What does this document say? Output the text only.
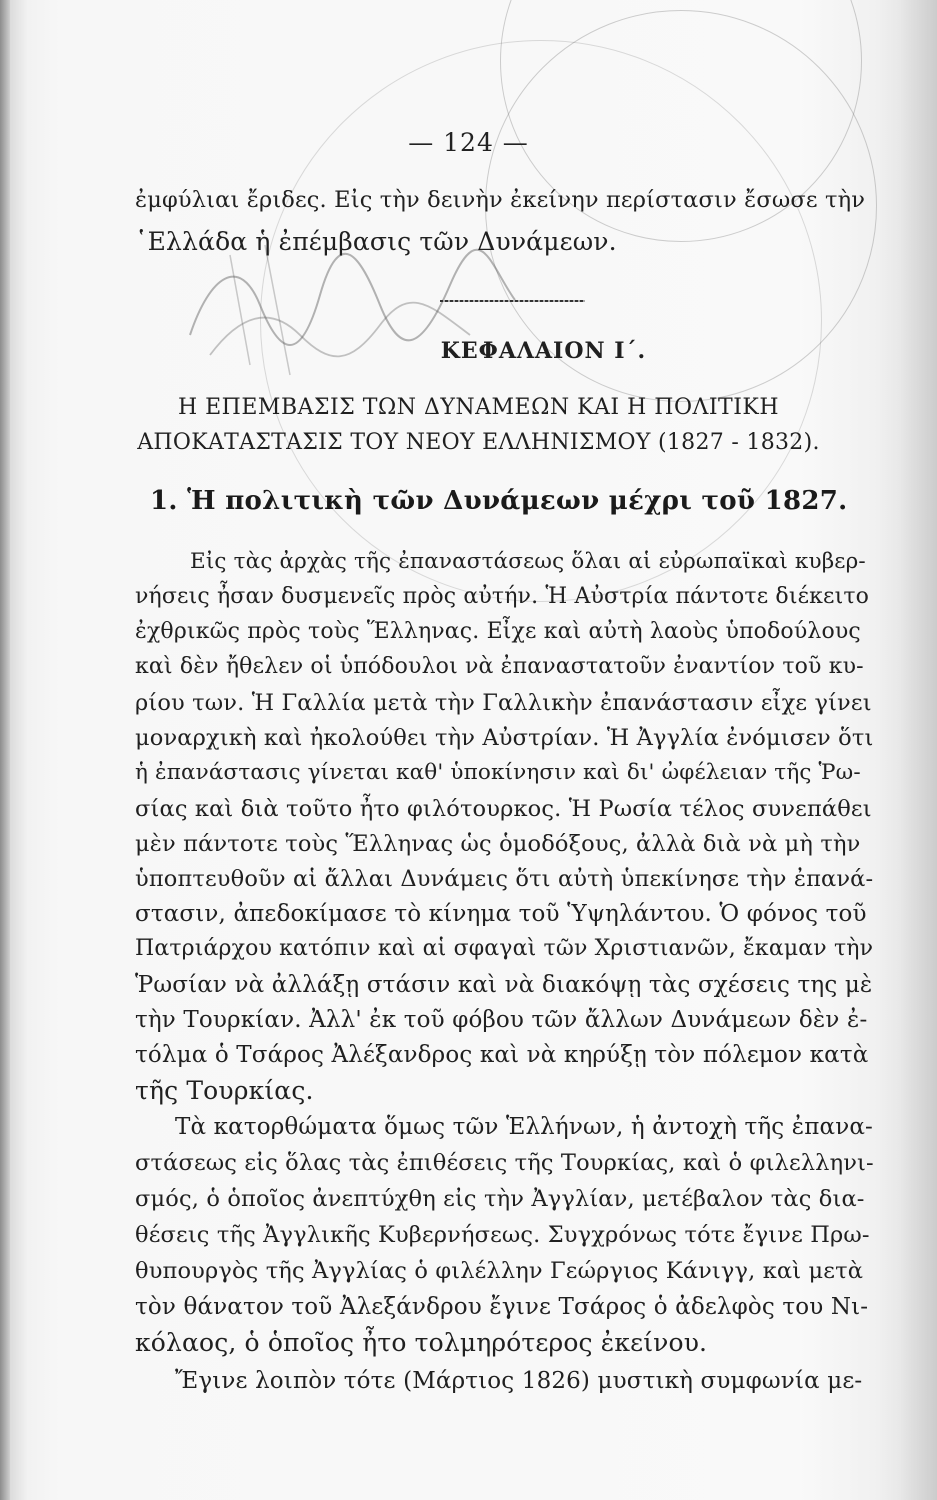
— 124 —
ἐμφύλιαι ἔριδες. Εἰς τὴν δεινὴν ἐκείνην περίστασιν ἔσωσε τὴν
῾Ελλάδα ἡ ἐπέμβασις τῶν Δυνάμεων.
ΚΕΦΑΛΑΙΟΝ Ι΄.
Η ΕΠΕΜΒΑΣΙΣ ΤΩΝ ΔΥΝΑΜΕΩΝ ΚΑΙ Η ΠΟΛΙΤΙΚΗ
ΑΠΟΚΑΤΑΣΤΑΣΙΣ ΤΟΥ ΝΕΟΥ ΕΛΛΗΝΙΣΜΟΥ (1827 - 1832).
1. Ἡ πολιτικὴ τῶν Δυνάμεων μέχρι τοῦ 1827.
Εἰς τὰς ἀρχὰς τῆς ἐπαναστάσεως ὅλαι αἱ εὐρωπαϊκαὶ κυβερ-
νήσεις ἦσαν δυσμενεῖς πρὸς αὐτήν. Ἡ Αὐστρία πάντοτε διέκειτο
ἐχθρικῶς πρὸς τοὺς Ἕλληνας. Εἶχε καὶ αὐτὴ λαοὺς ὑποδούλους
καὶ δὲν ἤθελεν οἱ ὑπόδουλοι νὰ ἐπαναστατοῦν ἐναντίον τοῦ κυ-
ρίου των. Ἡ Γαλλία μετὰ τὴν Γαλλικὴν ἐπανάστασιν εἶχε γίνει
μοναρχικὴ καὶ ἠκολούθει τὴν Αὐστρίαν. Ἡ Ἀγγλία ἐνόμισεν ὅτι
ἡ ἐπανάστασις γίνεται καθ' ὑποκίνησιν καὶ δι' ὠφέλειαν τῆς Ῥω-
σίας καὶ διὰ τοῦτο ἦτο φιλότουρκος. Ἡ Ρωσία τέλος συνεπάθει
μὲν πάντοτε τοὺς Ἕλληνας ὡς ὁμοδόξους, ἀλλὰ διὰ νὰ μὴ τὴν
ὑποπτευθοῦν αἱ ἄλλαι Δυνάμεις ὅτι αὐτὴ ὑπεκίνησε τὴν ἐπανά-
στασιν, ἀπεδοκίμασε τὸ κίνημα τοῦ Ὑψηλάντου. Ὁ φόνος τοῦ
Πατριάρχου κατόπιν καὶ αἱ σφαγαὶ τῶν Χριστιανῶν, ἔκαμαν τὴν
Ῥωσίαν νὰ ἀλλάξῃ στάσιν καὶ νὰ διακόψῃ τὰς σχέσεις της μὲ
τὴν Τουρκίαν. Ἀλλ' ἐκ τοῦ φόβου τῶν ἄλλων Δυνάμεων δὲν ἐ-
τόλμα ὁ Τσάρος Ἀλέξανδρος καὶ νὰ κηρύξῃ τὸν πόλεμον κατὰ
τῆς Τουρκίας.
Τὰ κατορθώματα ὅμως τῶν Ἑλλήνων, ἡ ἀντοχὴ τῆς ἐπανα-
στάσεως εἰς ὅλας τὰς ἐπιθέσεις τῆς Τουρκίας, καὶ ὁ φιλελληνι-
σμός, ὁ ὁποῖος ἀνεπτύχθη εἰς τὴν Ἀγγλίαν, μετέβαλον τὰς δια-
θέσεις τῆς Ἀγγλικῆς Κυβερνήσεως. Συγχρόνως τότε ἔγινε Πρω-
θυπουργὸς τῆς Ἀγγλίας ὁ φιλέλλην Γεώργιος Κάνιγγ, καὶ μετὰ
τὸν θάνατον τοῦ Ἀλεξάνδρου ἔγινε Τσάρος ὁ ἀδελφὸς του Νι-
κόλαος, ὁ ὁποῖος ἦτο τολμηρότερος ἐκείνου.
Ἔγινε λοιπὸν τότε (Μάρτιος 1826) μυστικὴ συμφωνία με-
